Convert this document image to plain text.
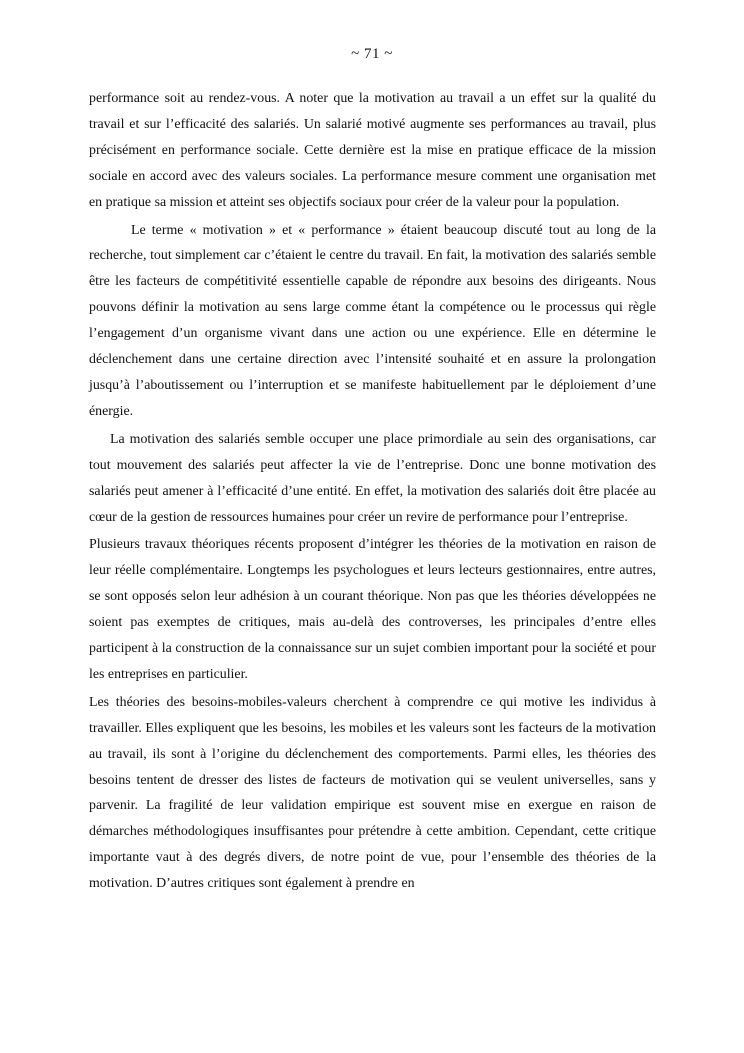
~ 71 ~

performance soit au rendez-vous. A noter que la motivation au travail a un effet sur la qualité du travail et sur l’efficacité des salariés. Un salarié motivé augmente ses performances au travail, plus précisément en performance sociale. Cette dernière est la mise en pratique efficace de la mission sociale en accord avec des valeurs sociales. La performance mesure comment une organisation met en pratique sa mission et atteint ses objectifs sociaux pour créer de la valeur pour la population.

Le terme « motivation » et « performance » étaient beaucoup discuté tout au long de la recherche, tout simplement car c’étaient le centre du travail. En fait, la motivation des salariés semble être les facteurs de compétitivité essentielle capable de répondre aux besoins des dirigeants. Nous pouvons définir la motivation au sens large comme étant la compétence ou le processus qui règle l’engagement d’un organisme vivant dans une action ou une expérience. Elle en détermine le déclenchement dans une certaine direction avec l’intensité souhaité et en assure la prolongation jusqu’à l’aboutissement ou l’interruption et se manifeste habituellement par le déploiement d’une énergie.

La motivation des salariés semble occuper une place primordiale au sein des organisations, car tout mouvement des salariés peut affecter la vie de l’entreprise. Donc une bonne motivation des salariés peut amener à l’efficacité d’une entité. En effet, la motivation des salariés doit être placée au cœur de la gestion de ressources humaines pour créer un revire de performance pour l’entreprise.

Plusieurs travaux théoriques récents proposent d’intégrer les théories de la motivation en raison de leur réelle complémentaire. Longtemps les psychologues et leurs lecteurs gestionnaires, entre autres, se sont opposés selon leur adhésion à un courant théorique. Non pas que les théories développées ne soient pas exemptes de critiques, mais au-delà des controverses, les principales d’entre elles participent à la construction de la connaissance sur un sujet combien important pour la société et pour les entreprises en particulier.

Les théories des besoins-mobiles-valeurs cherchent à comprendre ce qui motive les individus à travailler. Elles expliquent que les besoins, les mobiles et les valeurs sont les facteurs de la motivation au travail, ils sont à l’origine du déclenchement des comportements. Parmi elles, les théories des besoins tentent de dresser des listes de facteurs de motivation qui se veulent universelles, sans y parvenir. La fragilité de leur validation empirique est souvent mise en exergue en raison de démarches méthodologiques insuffisantes pour prétendre à cette ambition. Cependant, cette critique importante vaut à des degrés divers, de notre point de vue, pour l’ensemble des théories de la motivation. D’autres critiques sont également à prendre en
